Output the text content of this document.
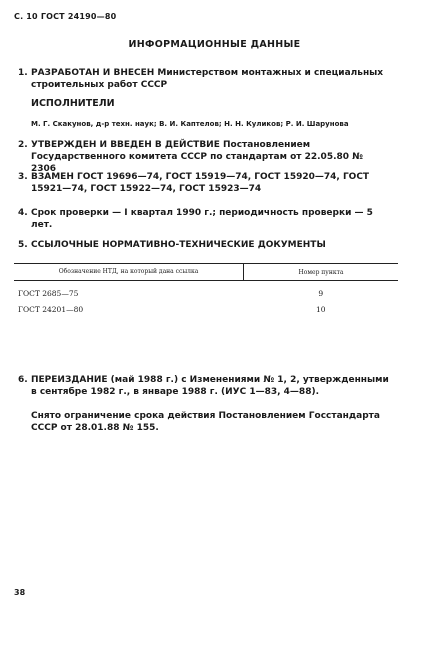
С. 10 ГОСТ 24190—80
ИНФОРМАЦИОННЫЕ ДАННЫЕ
1. РАЗРАБОТАН И ВНЕСЕН Министерством монтажных и специальных строительных работ СССР
ИСПОЛНИТЕЛИ
М. Г. Скакунов, д-р техн. наук; В. И. Каптелов; Н. Н. Куликов; Р. И. Шарунова
2. УТВЕРЖДЕН И ВВЕДЕН В ДЕЙСТВИЕ Постановлением Государственного комитета СССР по стандартам от 22.05.80 № 2306
3. ВЗАМЕН ГОСТ 19696—74, ГОСТ 15919—74, ГОСТ 15920—74, ГОСТ 15921—74, ГОСТ 15922—74, ГОСТ 15923—74
4. Срок проверки — I квартал 1990 г.; периодичность проверки — 5 лет.
5. ССЫЛОЧНЫЕ НОРМАТИВНО-ТЕХНИЧЕСКИЕ ДОКУМЕНТЫ
Обозначение НТД, на который дана ссылка	Номер пункта
ГОСТ 2685—75	9
ГОСТ 24201—80	10
6. ПЕРЕИЗДАНИЕ (май 1988 г.) с Изменениями № 1, 2, утвержденными в сентябре 1982 г., в январе 1988 г. (ИУС 1—83, 4—88).
Снято ограничение срока действия Постановлением Госстандарта СССР от 28.01.88 № 155.
38
